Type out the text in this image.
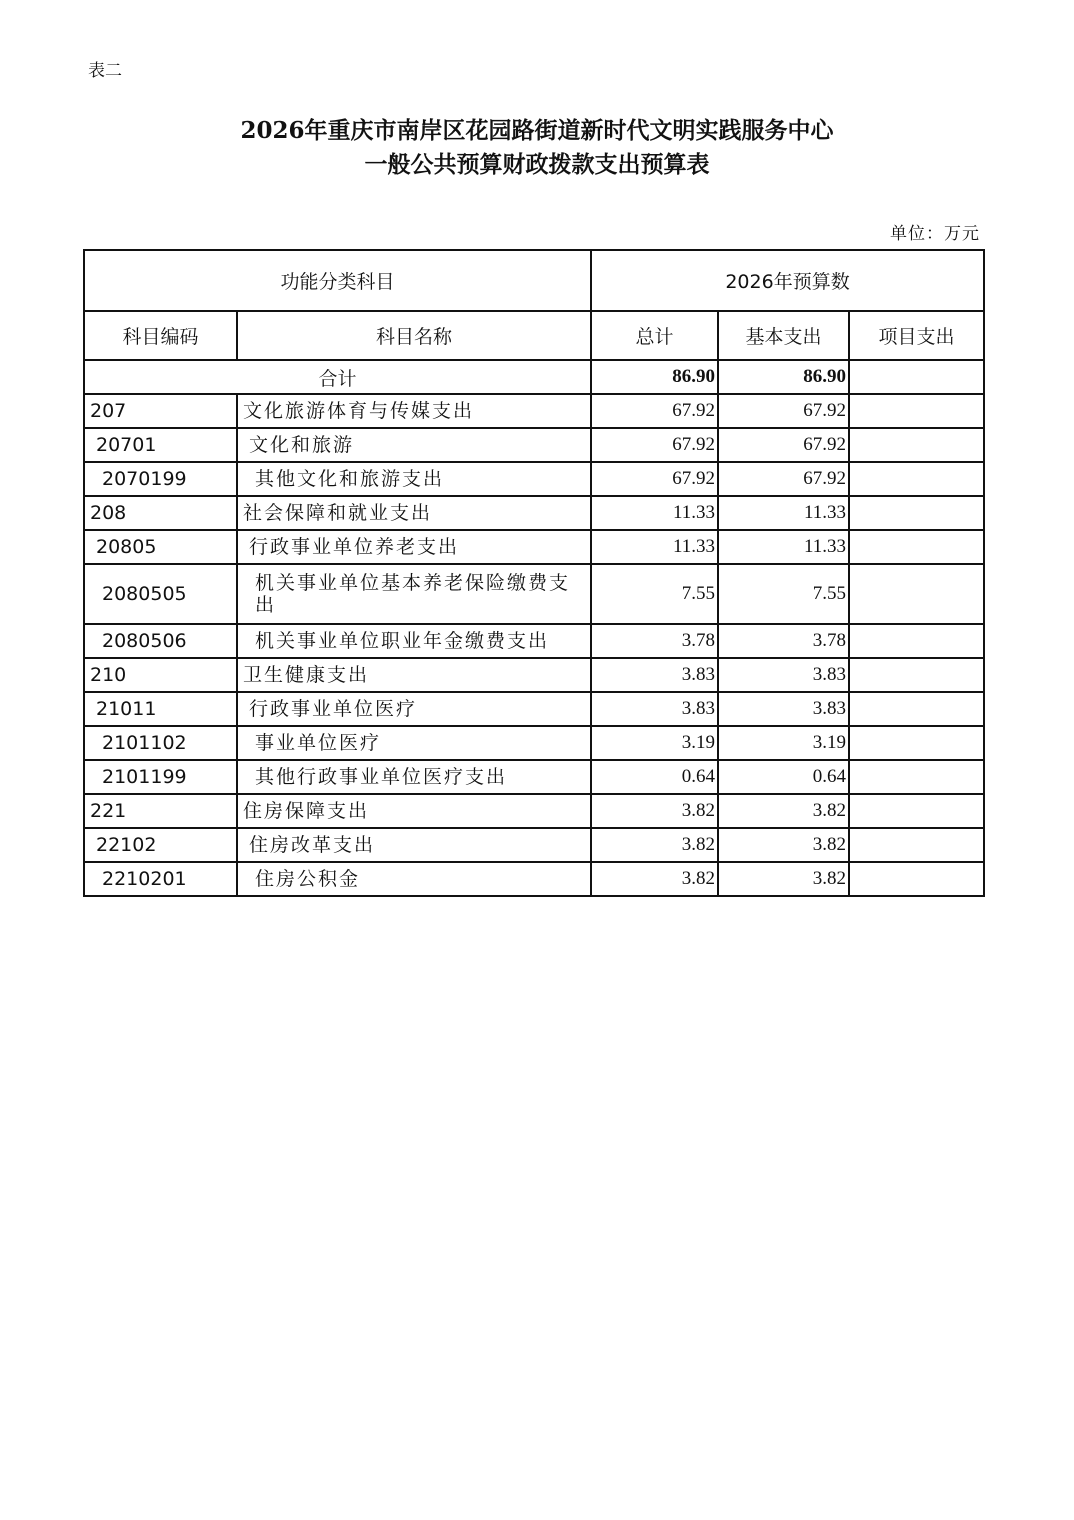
表二
2026年重庆市南岸区花园路街道新时代文明实践服务中心
一般公共预算财政拨款支出预算表
单位：万元
功能分类科目		2026年预算数		
科目编码	科目名称	总计	基本支出	项目支出
合计		86.90	86.90	
207	文化旅游体育与传媒支出	67.92	67.92	
20701	文化和旅游	67.92	67.92	
2070199	其他文化和旅游支出	67.92	67.92	
208	社会保障和就业支出	11.33	11.33	
20805	行政事业单位养老支出	11.33	11.33	
2080505	机关事业单位基本养老保险缴费支出	7.55	7.55	
2080506	机关事业单位职业年金缴费支出	3.78	3.78	
210	卫生健康支出	3.83	3.83	
21011	行政事业单位医疗	3.83	3.83	
2101102	事业单位医疗	3.19	3.19	
2101199	其他行政事业单位医疗支出	0.64	0.64	
221	住房保障支出	3.82	3.82	
22102	住房改革支出	3.82	3.82	
2210201	住房公积金	3.82	3.82	
